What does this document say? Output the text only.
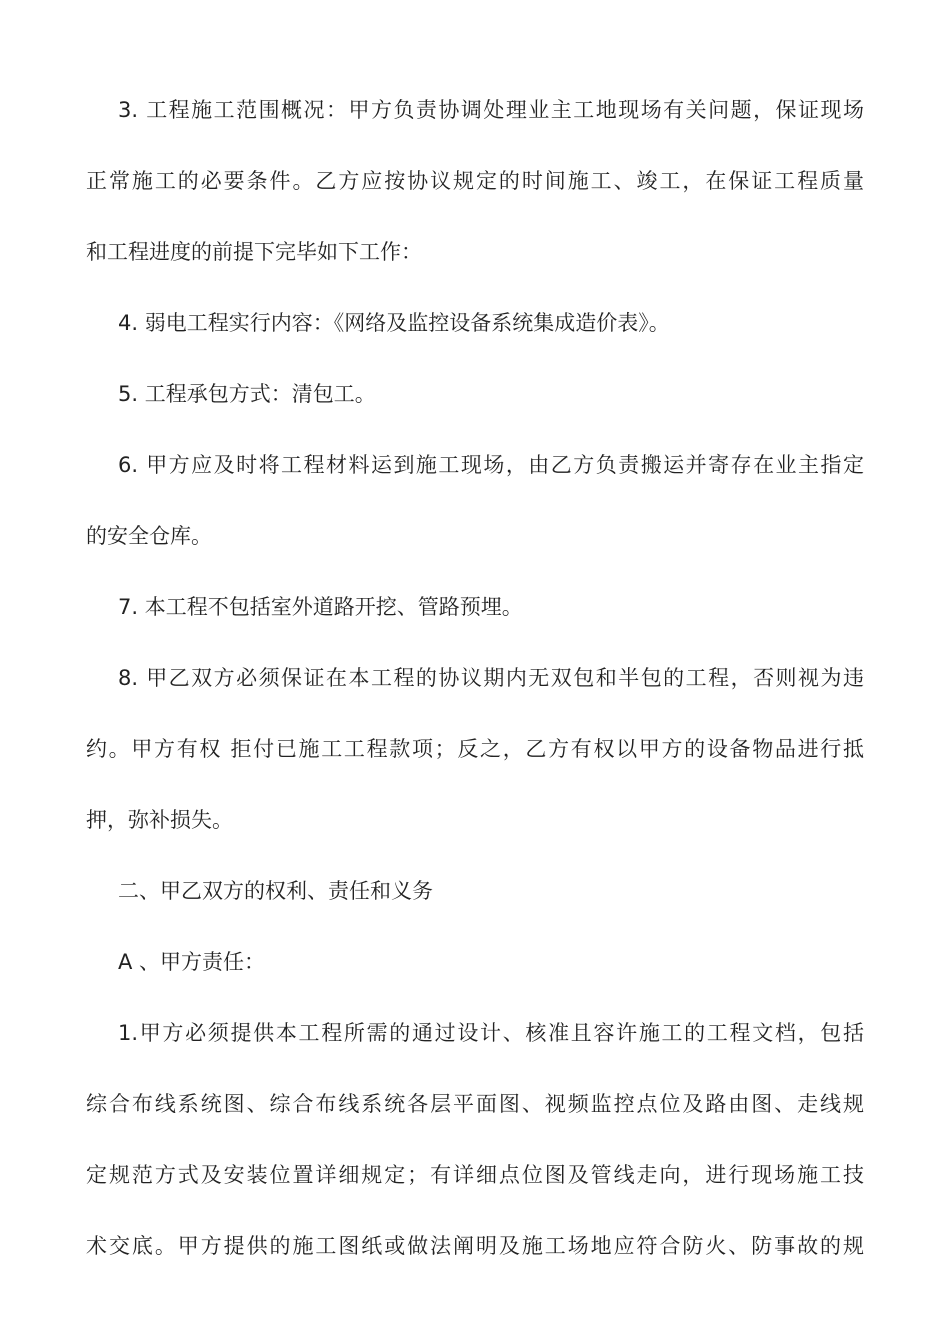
3. 工程施工范围概况：甲方负责协调处理业主工地现场有关问题，保证现场
正常施工的必要条件。乙方应按协议规定的时间施工、竣工，在保证工程质量
和工程进度的前提下完毕如下工作：
4. 弱电工程实行内容：《网络及监控设备系统集成造价表》。
5. 工程承包方式：清包工。
6. 甲方应及时将工程材料运到施工现场，由乙方负责搬运并寄存在业主指定
的安全仓库。
7. 本工程不包括室外道路开挖、管路预埋。
8. 甲乙双方必须保证在本工程的协议期内无双包和半包的工程，否则视为违
约。甲方有权 拒付已施工工程款项；反之，乙方有权以甲方的设备物品进行抵
押，弥补损失。
二、甲乙双方的权利、责任和义务
A 、甲方责任：
1.甲方必须提供本工程所需的通过设计、核准且容许施工的工程文档，包括
综合布线系统图、综合布线系统各层平面图、视频监控点位及路由图、走线规
定规范方式及安装位置详细规定；有详细点位图及管线走向，进行现场施工技
术交底。甲方提供的施工图纸或做法阐明及施工场地应符合防火、防事故的规
